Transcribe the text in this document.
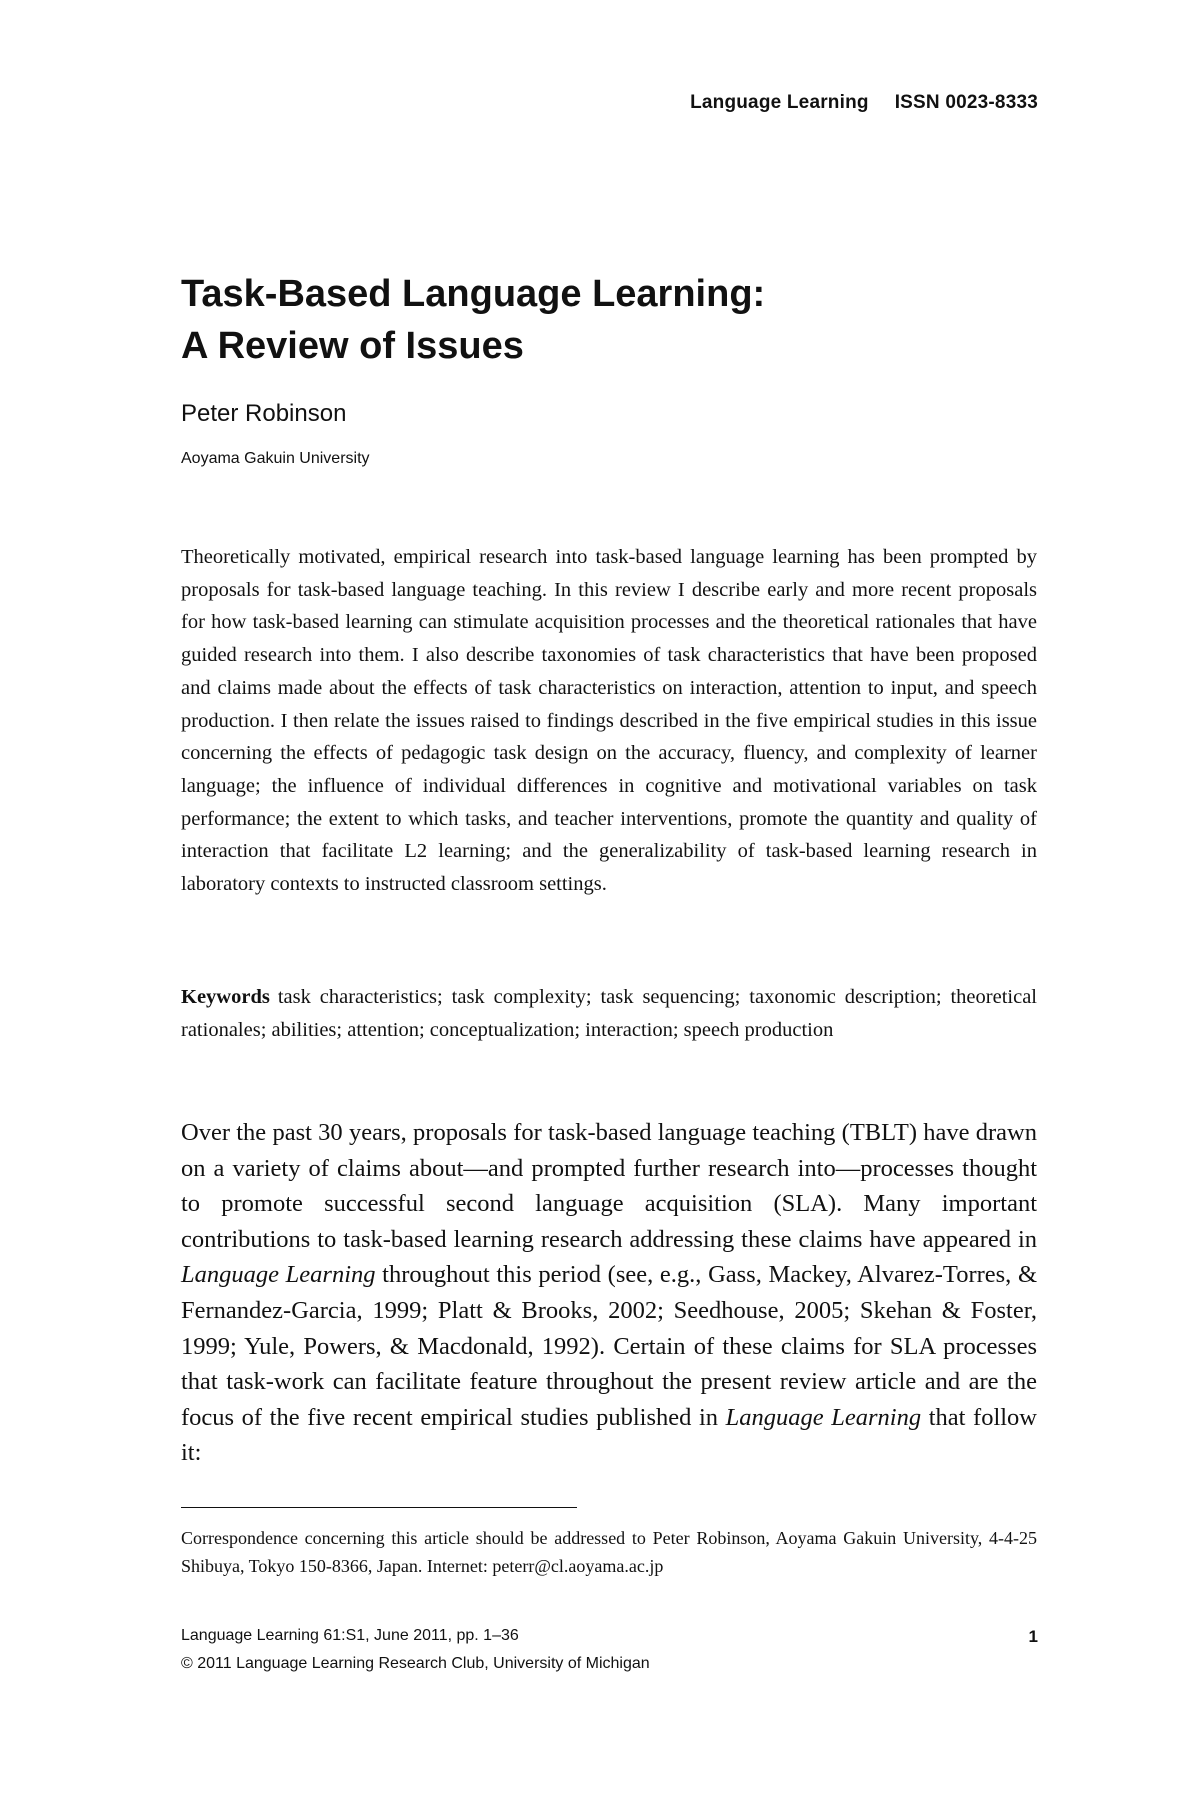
Language Learning ISSN 0023-8333
Task-Based Language Learning:
A Review of Issues
Peter Robinson
Aoyama Gakuin University

Theoretically motivated, empirical research into task-based language learning has been prompted by proposals for task-based language teaching. In this review I describe early and more recent proposals for how task-based learning can stimulate acquisition processes and the theoretical rationales that have guided research into them. I also describe taxonomies of task characteristics that have been proposed and claims made about the effects of task characteristics on interaction, attention to input, and speech production. I then relate the issues raised to findings described in the five empirical studies in this issue concerning the effects of pedagogic task design on the accuracy, fluency, and complexity of learner language; the influence of individual differences in cognitive and motivational variables on task performance; the extent to which tasks, and teacher interventions, promote the quantity and quality of interaction that facilitate L2 learning; and the generalizability of task-based learning research in laboratory contexts to instructed classroom settings.

Keywords task characteristics; task complexity; task sequencing; taxonomic description; theoretical rationales; abilities; attention; conceptualization; interaction; speech production

Over the past 30 years, proposals for task-based language teaching (TBLT) have drawn on a variety of claims about—and prompted further research into—processes thought to promote successful second language acquisition (SLA). Many important contributions to task-based learning research addressing these claims have appeared in Language Learning throughout this period (see, e.g., Gass, Mackey, Alvarez-Torres, & Fernandez-Garcia, 1999; Platt & Brooks, 2002; Seedhouse, 2005; Skehan & Foster, 1999; Yule, Powers, & Macdonald, 1992). Certain of these claims for SLA processes that task-work can facilitate feature throughout the present review article and are the focus of the five recent empirical studies published in Language Learning that follow it:

Correspondence concerning this article should be addressed to Peter Robinson, Aoyama Gakuin University, 4-4-25 Shibuya, Tokyo 150-8366, Japan. Internet: peterr@cl.aoyama.ac.jp

Language Learning 61:S1, June 2011, pp. 1–36
© 2011 Language Learning Research Club, University of Michigan
1
